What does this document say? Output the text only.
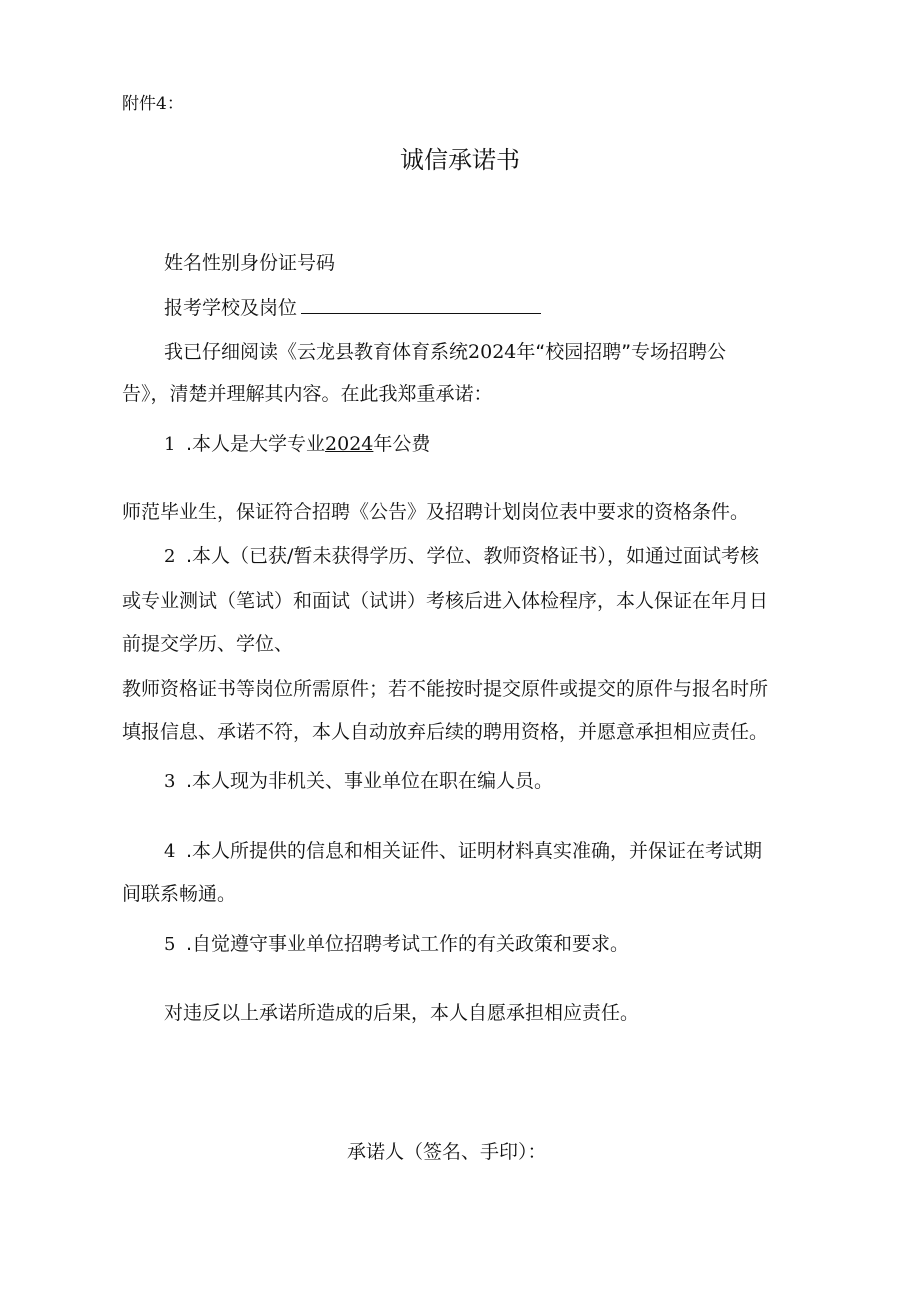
附件4：
诚信承诺书
姓名性别身份证号码
报考学校及岗位
我已仔细阅读《云龙县教育体育系统2024年“校园招聘”专场招聘公
告》，清楚并理解其内容。在此我郑重承诺：
1 .本人是大学专业2024年公费
师范毕业生，保证符合招聘《公告》及招聘计划岗位表中要求的资格条件。
2 .本人（已获/暂未获得学历、学位、教师资格证书），如通过面试考核
或专业测试（笔试）和面试（试讲）考核后进入体检程序，本人保证在年月日
前提交学历、学位、
教师资格证书等岗位所需原件；若不能按时提交原件或提交的原件与报名时所
填报信息、承诺不符，本人自动放弃后续的聘用资格，并愿意承担相应责任。
3 .本人现为非机关、事业单位在职在编人员。
4 .本人所提供的信息和相关证件、证明材料真实准确，并保证在考试期
间联系畅通。
5 .自觉遵守事业单位招聘考试工作的有关政策和要求。
对违反以上承诺所造成的后果，本人自愿承担相应责任。
承诺人（签名、手印）：
